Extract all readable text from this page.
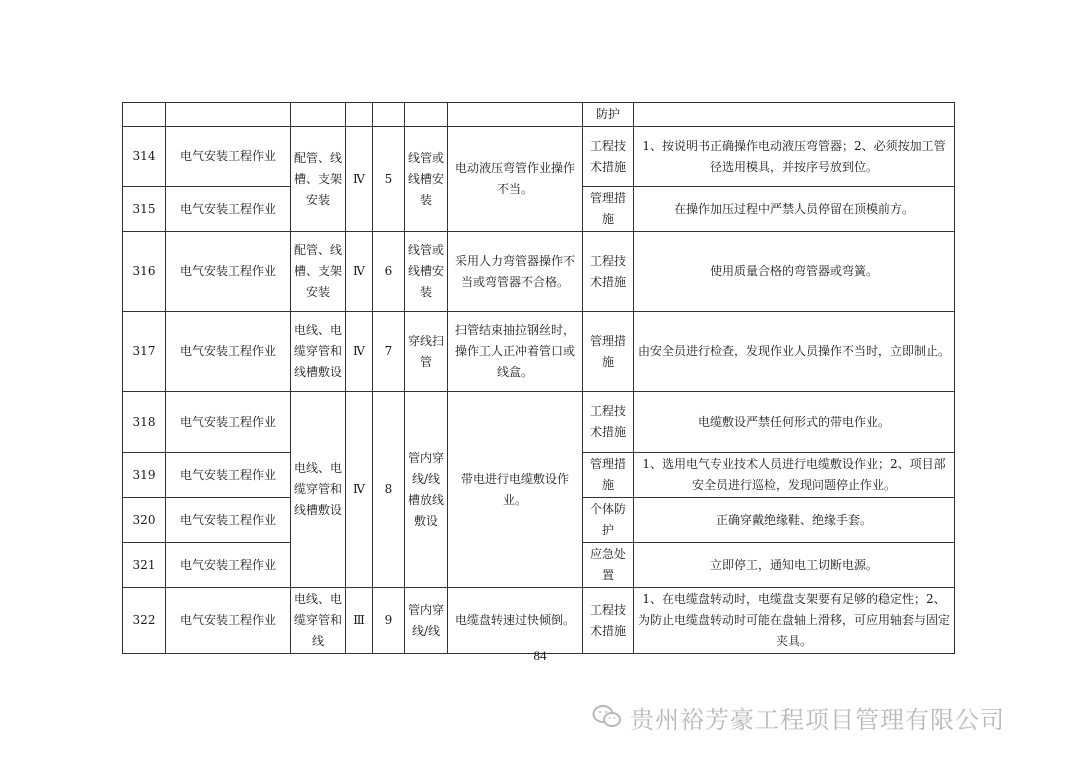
							防护	
314	电气安装工程作业	配管、线槽、支架安装	Ⅳ	5	线管或线槽安装	电动液压弯管作业操作不当。	工程技术措施	1、按说明书正确操作电动液压弯管器；2、必须按加工管径选用模具，并按序号放到位。
315	电气安装工程作业						管理措施	在操作加压过程中严禁人员停留在顶模前方。
316	电气安装工程作业	配管、线槽、支架安装	Ⅳ	6	线管或线槽安装	采用人力弯管器操作不当或弯管器不合格。	工程技术措施	使用质量合格的弯管器或弯簧。
317	电气安装工程作业	电线、电缆穿管和线槽敷设	Ⅳ	7	穿线扫管	扫管结束抽拉钢丝时，操作工人正冲着管口或线盒。	管理措施	由安全员进行检查，发现作业人员操作不当时，立即制止。
318	电气安装工程作业	电线、电缆穿管和线槽敷设	Ⅳ	8	管内穿线/线槽放线敷设	带电进行电缆敷设作业。	工程技术措施	电缆敷设严禁任何形式的带电作业。
319	电气安装工程作业						管理措施	1、选用电气专业技术人员进行电缆敷设作业；2、项目部安全员进行巡检，发现问题停止作业。
320	电气安装工程作业						个体防护	正确穿戴绝缘鞋、绝缘手套。
321	电气安装工程作业						应急处置	立即停工，通知电工切断电源。
322	电气安装工程作业	电线、电缆穿管和线	Ⅲ	9	管内穿线/线	电缆盘转速过快倾倒。	工程技术措施	1、在电缆盘转动时，电缆盘支架要有足够的稳定性；2、为防止电缆盘转动时可能在盘轴上滑移，可应用轴套与固定夹具。
84
贵州裕芳豪工程项目管理有限公司
